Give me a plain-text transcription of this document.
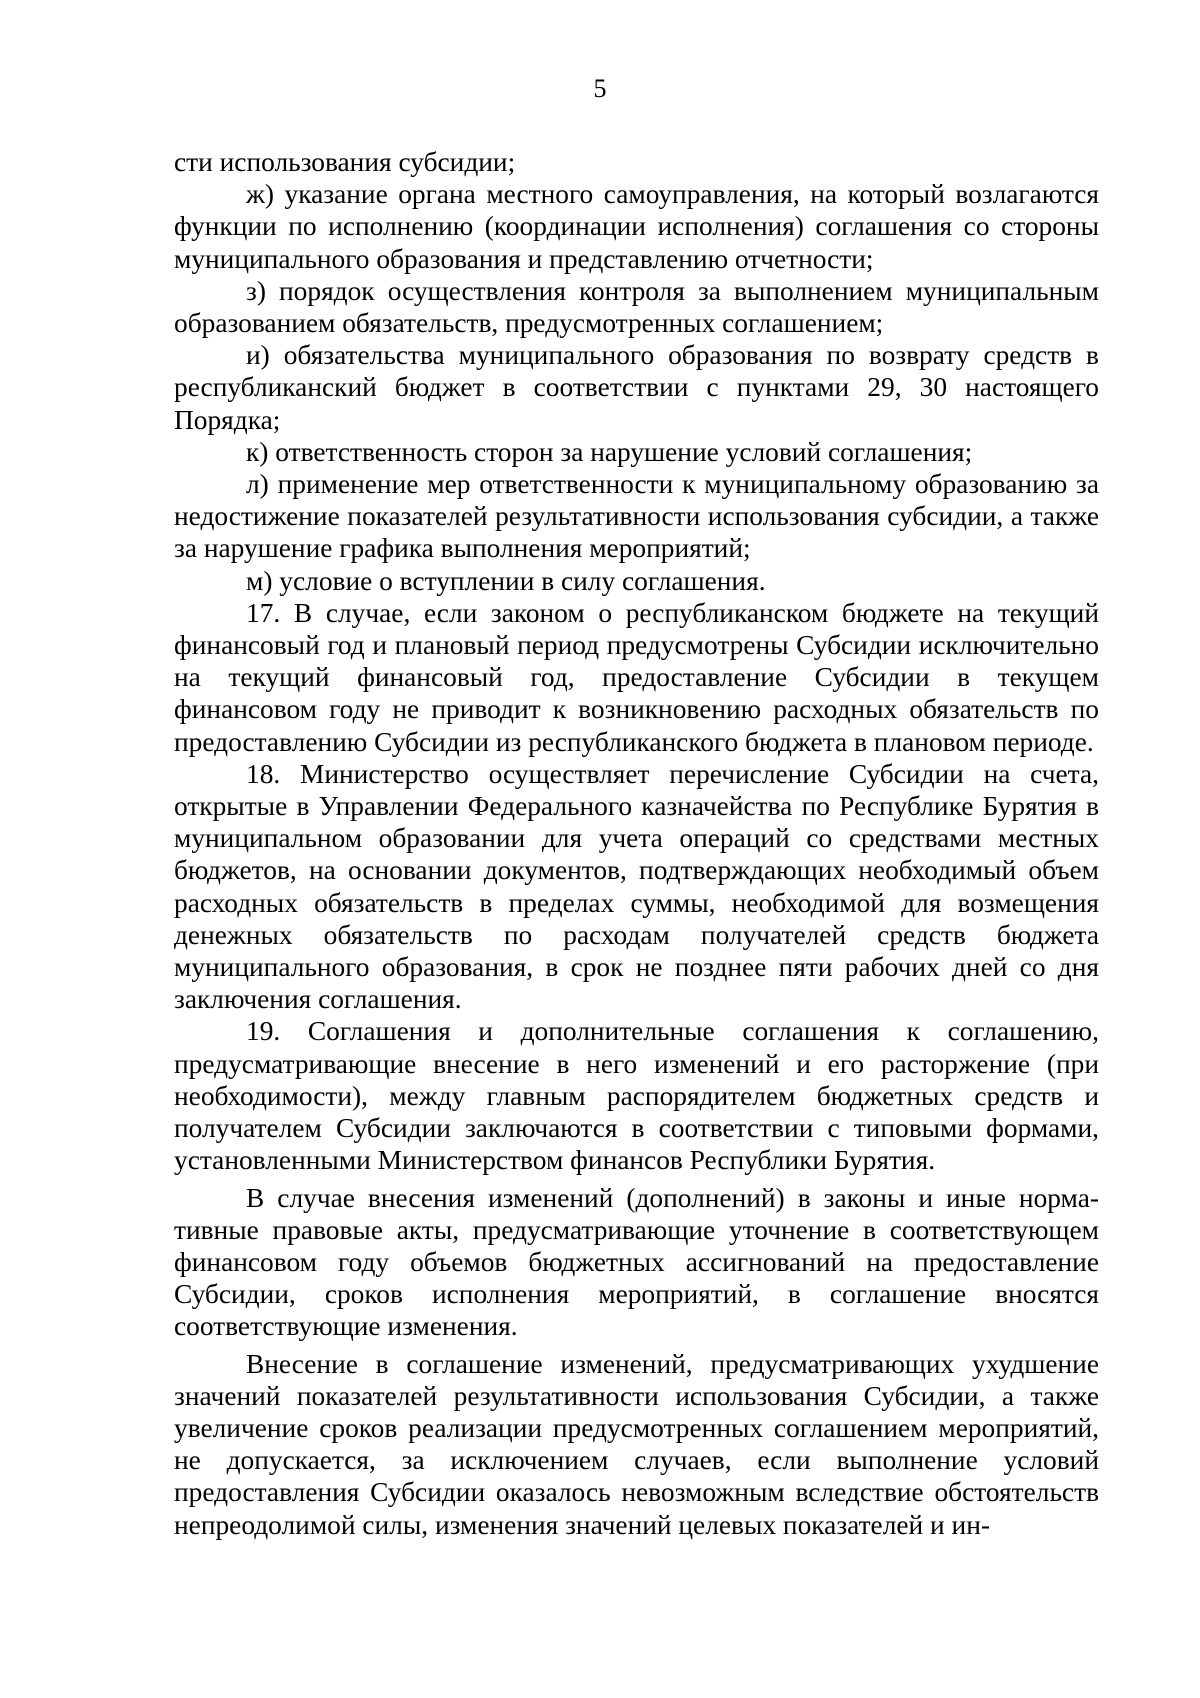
5

сти использования субсидии;

ж) указание органа местного самоуправления, на который возлагаются функции по исполнению (координации исполнения) соглашения со стороны муниципального образования и представлению отчетности;

з) порядок осуществления контроля за выполнением муниципальным образованием обязательств, предусмотренных соглашением;

и) обязательства муниципального образования по возврату средств в республиканский бюджет в соответствии с пунктами 29, 30 настоящего Порядка;

к) ответственность сторон за нарушение условий соглашения;

л) применение мер ответственности к муниципальному образованию за недостижение показателей результативности использования субсидии, а также за нарушение графика выполнения мероприятий;

м) условие о вступлении в силу соглашения.

17. В случае, если законом о республиканском бюджете на текущий финансовый год и плановый период предусмотрены Субсидии исключительно на текущий финансовый год, предоставление Субсидии в текущем финансовом году не приводит к возникновению расходных обязательств по предоставлению Субсидии из республиканского бюджета в плановом периоде.

18. Министерство осуществляет перечисление Субсидии на счета, открытые в Управлении Федерального казначейства по Республике Бурятия в муниципальном образовании для учета операций со средствами местных бюджетов, на основании документов, подтверждающих необходимый объем расходных обязательств в пределах суммы, необходимой для возмещения денежных обязательств по расходам получателей средств бюджета муниципального образования, в срок не позднее пяти рабочих дней со дня заключения соглашения.

19. Соглашения и дополнительные соглашения к соглашению, предусматривающие внесение в него изменений и его расторжение (при необходимости), между главным распорядителем бюджетных средств и получателем Субсидии заключаются в соответствии с типовыми формами, установленными Министерством финансов Республики Бурятия.

В случае внесения изменений (дополнений) в законы и иные нормативные правовые акты, предусматривающие уточнение в соответствующем финансовом году объемов бюджетных ассигнований на предоставление Субсидии, сроков исполнения мероприятий, в соглашение вносятся соответствующие изменения.

Внесение в соглашение изменений, предусматривающих ухудшение значений показателей результативности использования Субсидии, а также увеличение сроков реализации предусмотренных соглашением мероприятий, не допускается, за исключением случаев, если выполнение условий предоставления Субсидии оказалось невозможным вследствие обстоятельств непреодолимой силы, изменения значений целевых показателей и ин-
